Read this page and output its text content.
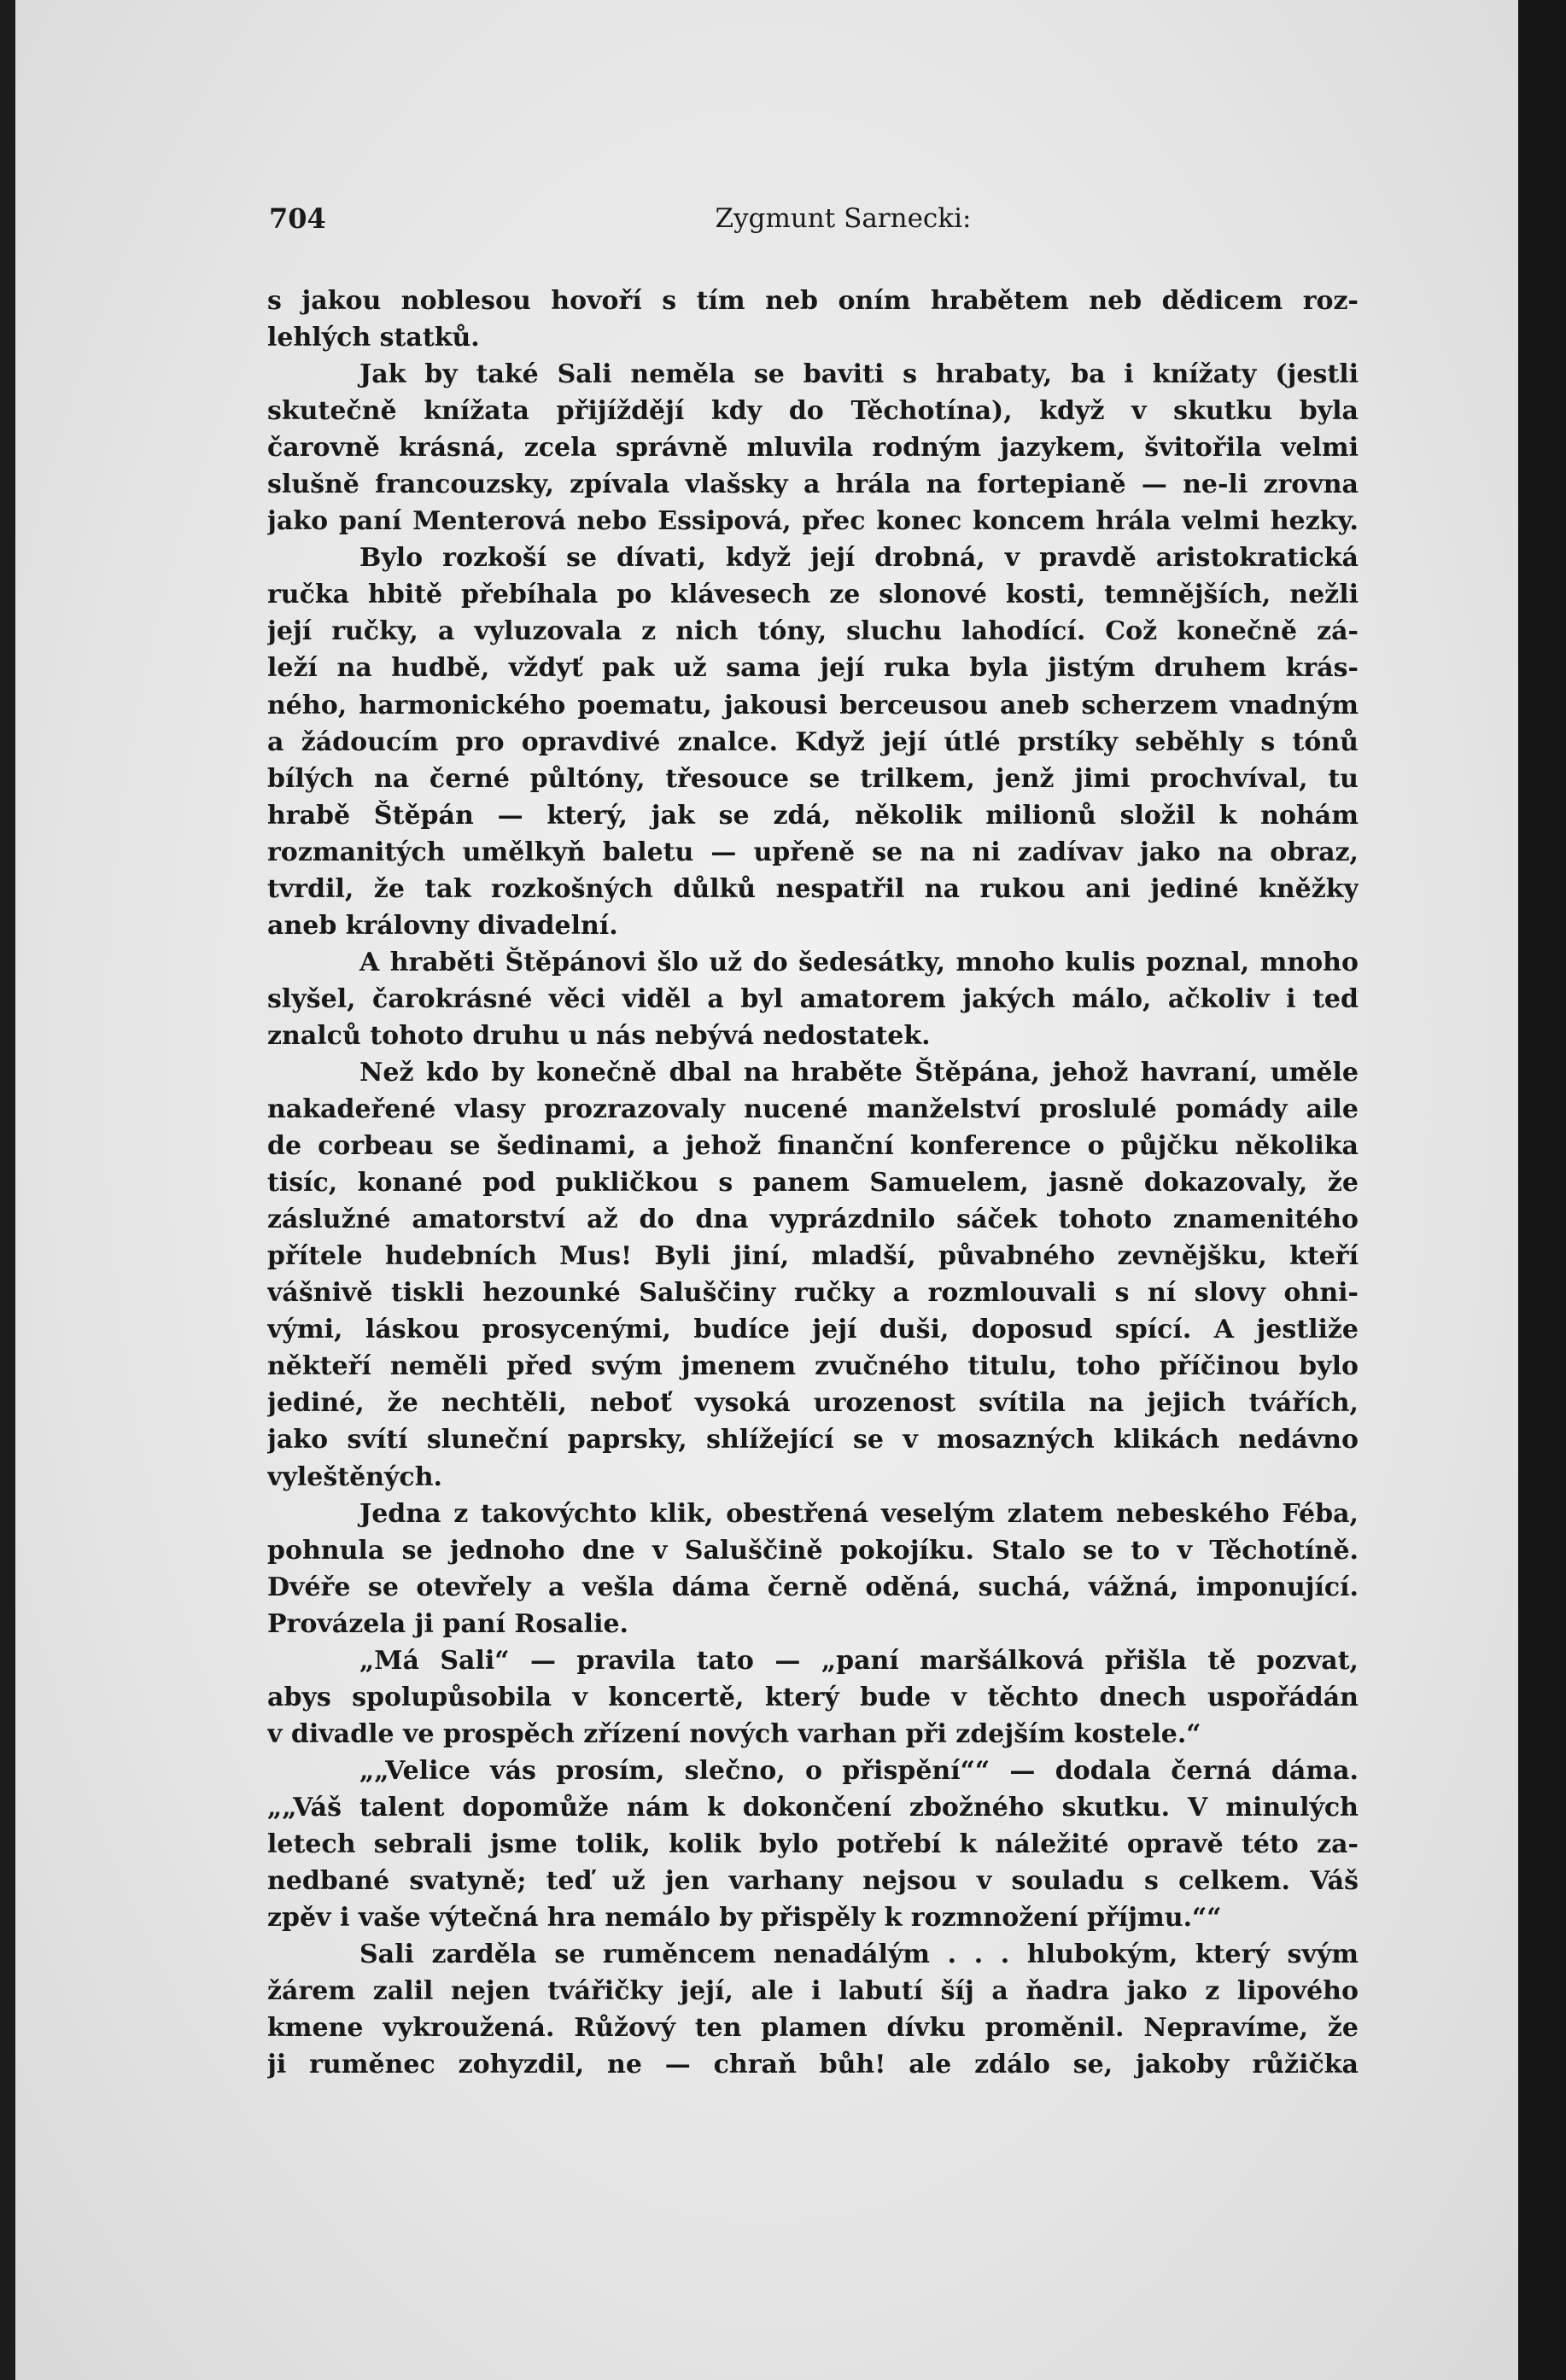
704	Zygmunt Sarnecki:
s jakou noblesou hovoří s tím neb oním hrabětem neb dědicem roz-
lehlých statků.
Jak by také Sali neměla se baviti s hrabaty, ba i knížaty (jestli
skutečně knížata přijíždějí kdy do Těchotína), když v skutku byla
čarovně krásná, zcela správně mluvila rodným jazykem, švitořila velmi
slušně francouzsky, zpívala vlašsky a hrála na fortepianě — ne-li zrovna
jako paní Menterová nebo Essipová, přec konec koncem hrála velmi hezky.
Bylo rozkoší se dívati, když její drobná, v pravdě aristokratická
ručka hbitě přebíhala po klávesech ze slonové kosti, temnějších, nežli
její ručky, a vyluzovala z nich tóny, sluchu lahodící. Což konečně zá-
leží na hudbě, vždyť pak už sama její ruka byla jistým druhem krás-
ného, harmonického poematu, jakousi berceusou aneb scherzem vnadným
a žádoucím pro opravdivé znalce. Když její útlé prstíky seběhly s tónů
bílých na černé půltóny, třesouce se trilkem, jenž jimi prochvíval, tu
hrabě Štěpán — který, jak se zdá, několik milionů složil k nohám
rozmanitých umělkyň baletu — upřeně se na ni zadívav jako na obraz,
tvrdil, že tak rozkošných důlků nespatřil na rukou ani jediné kněžky
aneb královny divadelní.
A hraběti Štěpánovi šlo už do šedesátky, mnoho kulis poznal, mnoho
slyšel, čarokrásné věci viděl a byl amatorem jakých málo, ačkoliv i teď
znalců tohoto druhu u nás nebývá nedostatek.
Než kdo by konečně dbal na hraběte Štěpána, jehož havraní, uměle
nakadeřené vlasy prozrazovaly nucené manželství proslulé pomády aile
de corbeau se šedinami, a jehož finanční konference o půjčku několika
tisíc, konané pod pukličkou s panem Samuelem, jasně dokazovaly, že
záslužné amatorství až do dna vyprázdnilo sáček tohoto znamenitého
přítele hudebních Mus! Byli jiní, mladší, půvabného zevnějšku, kteří
vášnivě tiskli hezounké Saluščiny ručky a rozmlouvali s ní slovy ohni-
vými, láskou prosycenými, budíce její duši, doposud spící. A jestliže
někteří neměli před svým jmenem zvučného titulu, toho příčinou bylo
jediné, že nechtěli, neboť vysoká urozenost svítila na jejich tvářích,
jako svítí sluneční paprsky, shlížející se v mosazných klikách nedávno
vyleštěných.
Jedna z takovýchto klik, obestřená veselým zlatem nebeského Féba,
pohnula se jednoho dne v Saluščině pokojíku. Stalo se to v Těchotíně.
Dvéře se otevřely a vešla dáma černě oděná, suchá, vážná, imponující.
Provázela ji paní Rosalie.
„Má Sali“ — pravila tato — „paní maršálková přišla tě pozvat,
abys spolupůsobila v koncertě, který bude v těchto dnech uspořádán
v divadle ve prospěch zřízení nových varhan při zdejším kostele.“
„„Velice vás prosím, slečno, o přispění““ — dodala černá dáma.
„„Váš talent dopomůže nám k dokončení zbožného skutku. V minulých
letech sebrali jsme tolik, kolik bylo potřebí k náležité opravě této za-
nedbané svatyně; teď už jen varhany nejsou v souladu s celkem. Váš
zpěv i vaše výtečná hra nemálo by přispěly k rozmnožení příjmu.““
Sali zarděla se ruměncem nenadálým . . . hlubokým, který svým
žárem zalil nejen tvářičky její, ale i labutí šíj a ňadra jako z lipového
kmene vykroužená. Růžový ten plamen dívku proměnil. Nepravíme, že
ji ruměnec zohyzdil, ne — chraň bůh! ale zdálo se, jakoby růžička
